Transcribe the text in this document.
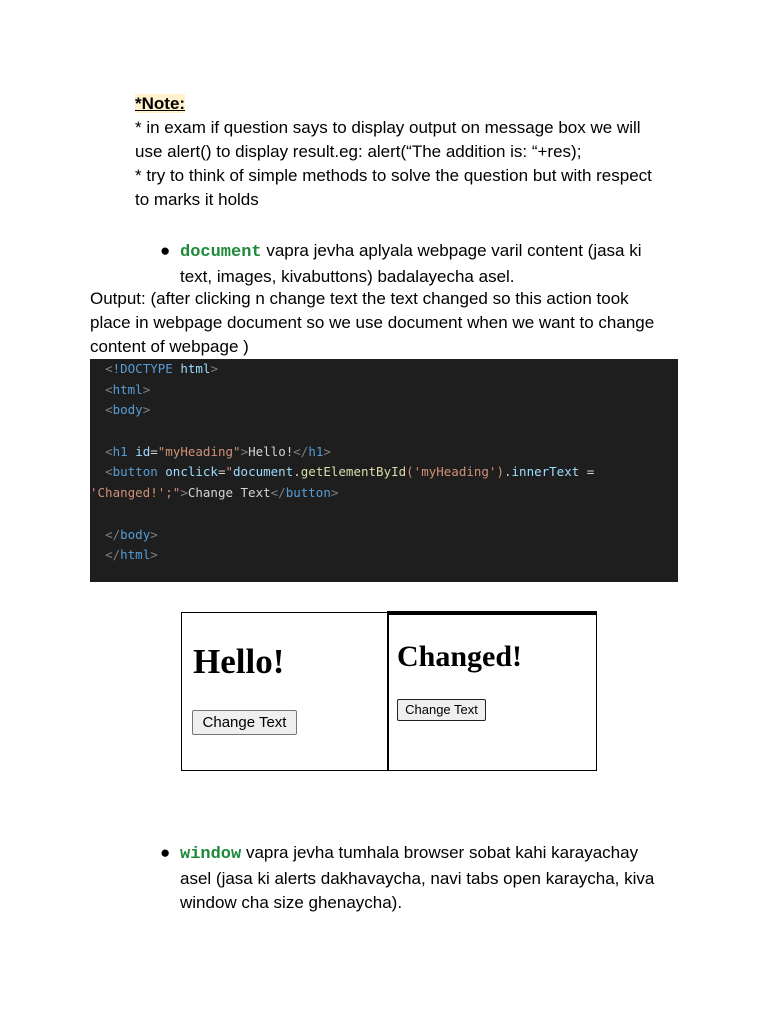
*Note:
* in exam if question says to display output on message box we will
use alert() to display result.eg: alert(“The addition is: “+res);
* try to think of simple methods to solve the question but with respect
to marks it holds
● document vapra jevha aplyala webpage varil content (jasa ki
text, images, kivabuttons) badalayecha asel.
Output: (after clicking n change text the text changed so this action took
place in webpage document so we use document when we want to change
content of webpage )
<!DOCTYPE html>
<html>
<body>

<h1 id="myHeading">Hello!</h1>
<button onclick="document.getElementById('myHeading').innerText =
'Changed!';">Change Text</button>

</body>
</html>
Hello!
Change Text
Changed!
Change Text
● window vapra jevha tumhala browser sobat kahi karayachay
asel (jasa ki alerts dakhavaycha, navi tabs open karaycha, kiva
window cha size ghenaycha).
